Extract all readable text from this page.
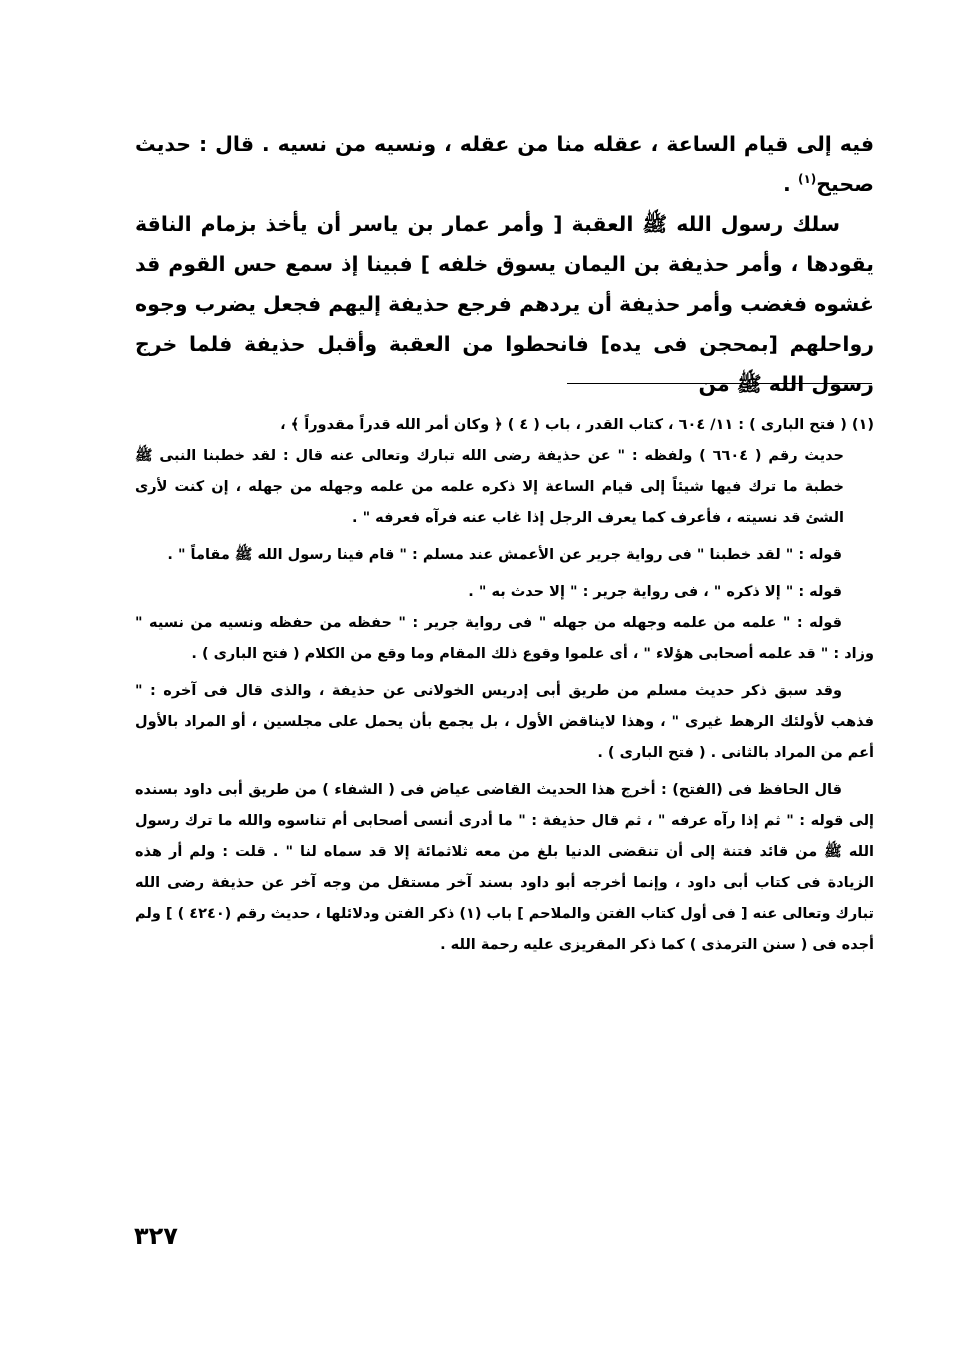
فيه إلى قيام الساعة ، عقله منا من عقله ، ونسيه من نسيه . قال : حديث صحيح$^{(١)}$ .

سلك رسول الله ﷺ العقبة [ وأمر عمار بن ياسر أن يأخذ بزمام الناقة يقودها ، وأمر حذيفة بن اليمان يسوق خلفه ] فبينا إذ سمع حس القوم قد غشوه فغضب وأمر حذيفة أن يردهم فرجع حذيفة إليهم فجعل يضرب وجوه رواحلهم [بمحجن فى يده] فانحطوا من العقبة وأقبل حذيفة فلما خرج رسول الله ﷺ من

(١) ( فتح البارى ) : ١١/ ٦٠٤ ، كتاب القدر ، باب ( ٤ ) ﴿ وكان أمر الله قدراً مقدوراً ﴾ ،

حديث رقم ( ٦٦٠٤ ) ولفظه : " عن حذيفة رضى الله تبارك وتعالى عنه قال : لقد خطبنا النبى ﷺ خطبة ما ترك فيها شيئاً إلى قيام الساعة إلا ذكره علمه من علمه وجهله من جهله ، إن كنت لأرى الشئ قد نسيته ، فأعرف كما يعرف الرجل إذا غاب عنه فرآه فعرفه " .

قوله : " لقد خطبنا " فى رواية جرير عن الأعمش عند مسلم : " قام فينا رسول الله ﷺ مقاماً " .

قوله : " إلا ذكره " ، فى رواية جرير : " إلا حدث به " .

قوله : " علمه من علمه وجهله من جهله " فى رواية جرير : " حفظه من حفظه ونسيه من نسيه " وزاد : " قد علمه أصحابى هؤلاء " ، أى علموا وقوع ذلك المقام وما وقع من الكلام ( فتح البارى ) .

وقد سبق ذكر حديث مسلم من طريق أبى إدريس الخولانى عن حذيفة ، والذى قال فى آخره : " فذهب لأولئك الرهط غيرى " ، وهذا لايناقض الأول ، بل يجمع بأن يحمل على مجلسين ، أو المراد بالأول أعم من المراد بالثانى . ( فتح البارى ) .

قال الحافظ فى (الفتح) : أخرج هذا الحديث القاضى عياض فى ( الشفاء ) من طريق أبى داود بسنده إلى قوله : " ثم إذا رآه عرفه " ، ثم قال حذيفة : " ما أدرى أنسى أصحابى أم تناسوه والله ما ترك رسول الله ﷺ من قائد فتنة إلى أن تنقضى الدنيا بلغ من معه ثلاثمائة إلا قد سماه لنا " . قلت : ولم أر هذه الزيادة فى كتاب أبى داود ، وإنما أخرجه أبو داود بسند آخر مستقل من وجه آخر عن حذيفة رضى الله تبارك وتعالى عنه [ فى أول كتاب الفتن والملاحم ] باب (١) ذكر الفتن ودلائلها ، حديث رقم (٤٢٤٠ ) ] ولم أجده فى ( سنن الترمذى ) كما ذكر المقريزى عليه رحمة الله .

٣٢٧
